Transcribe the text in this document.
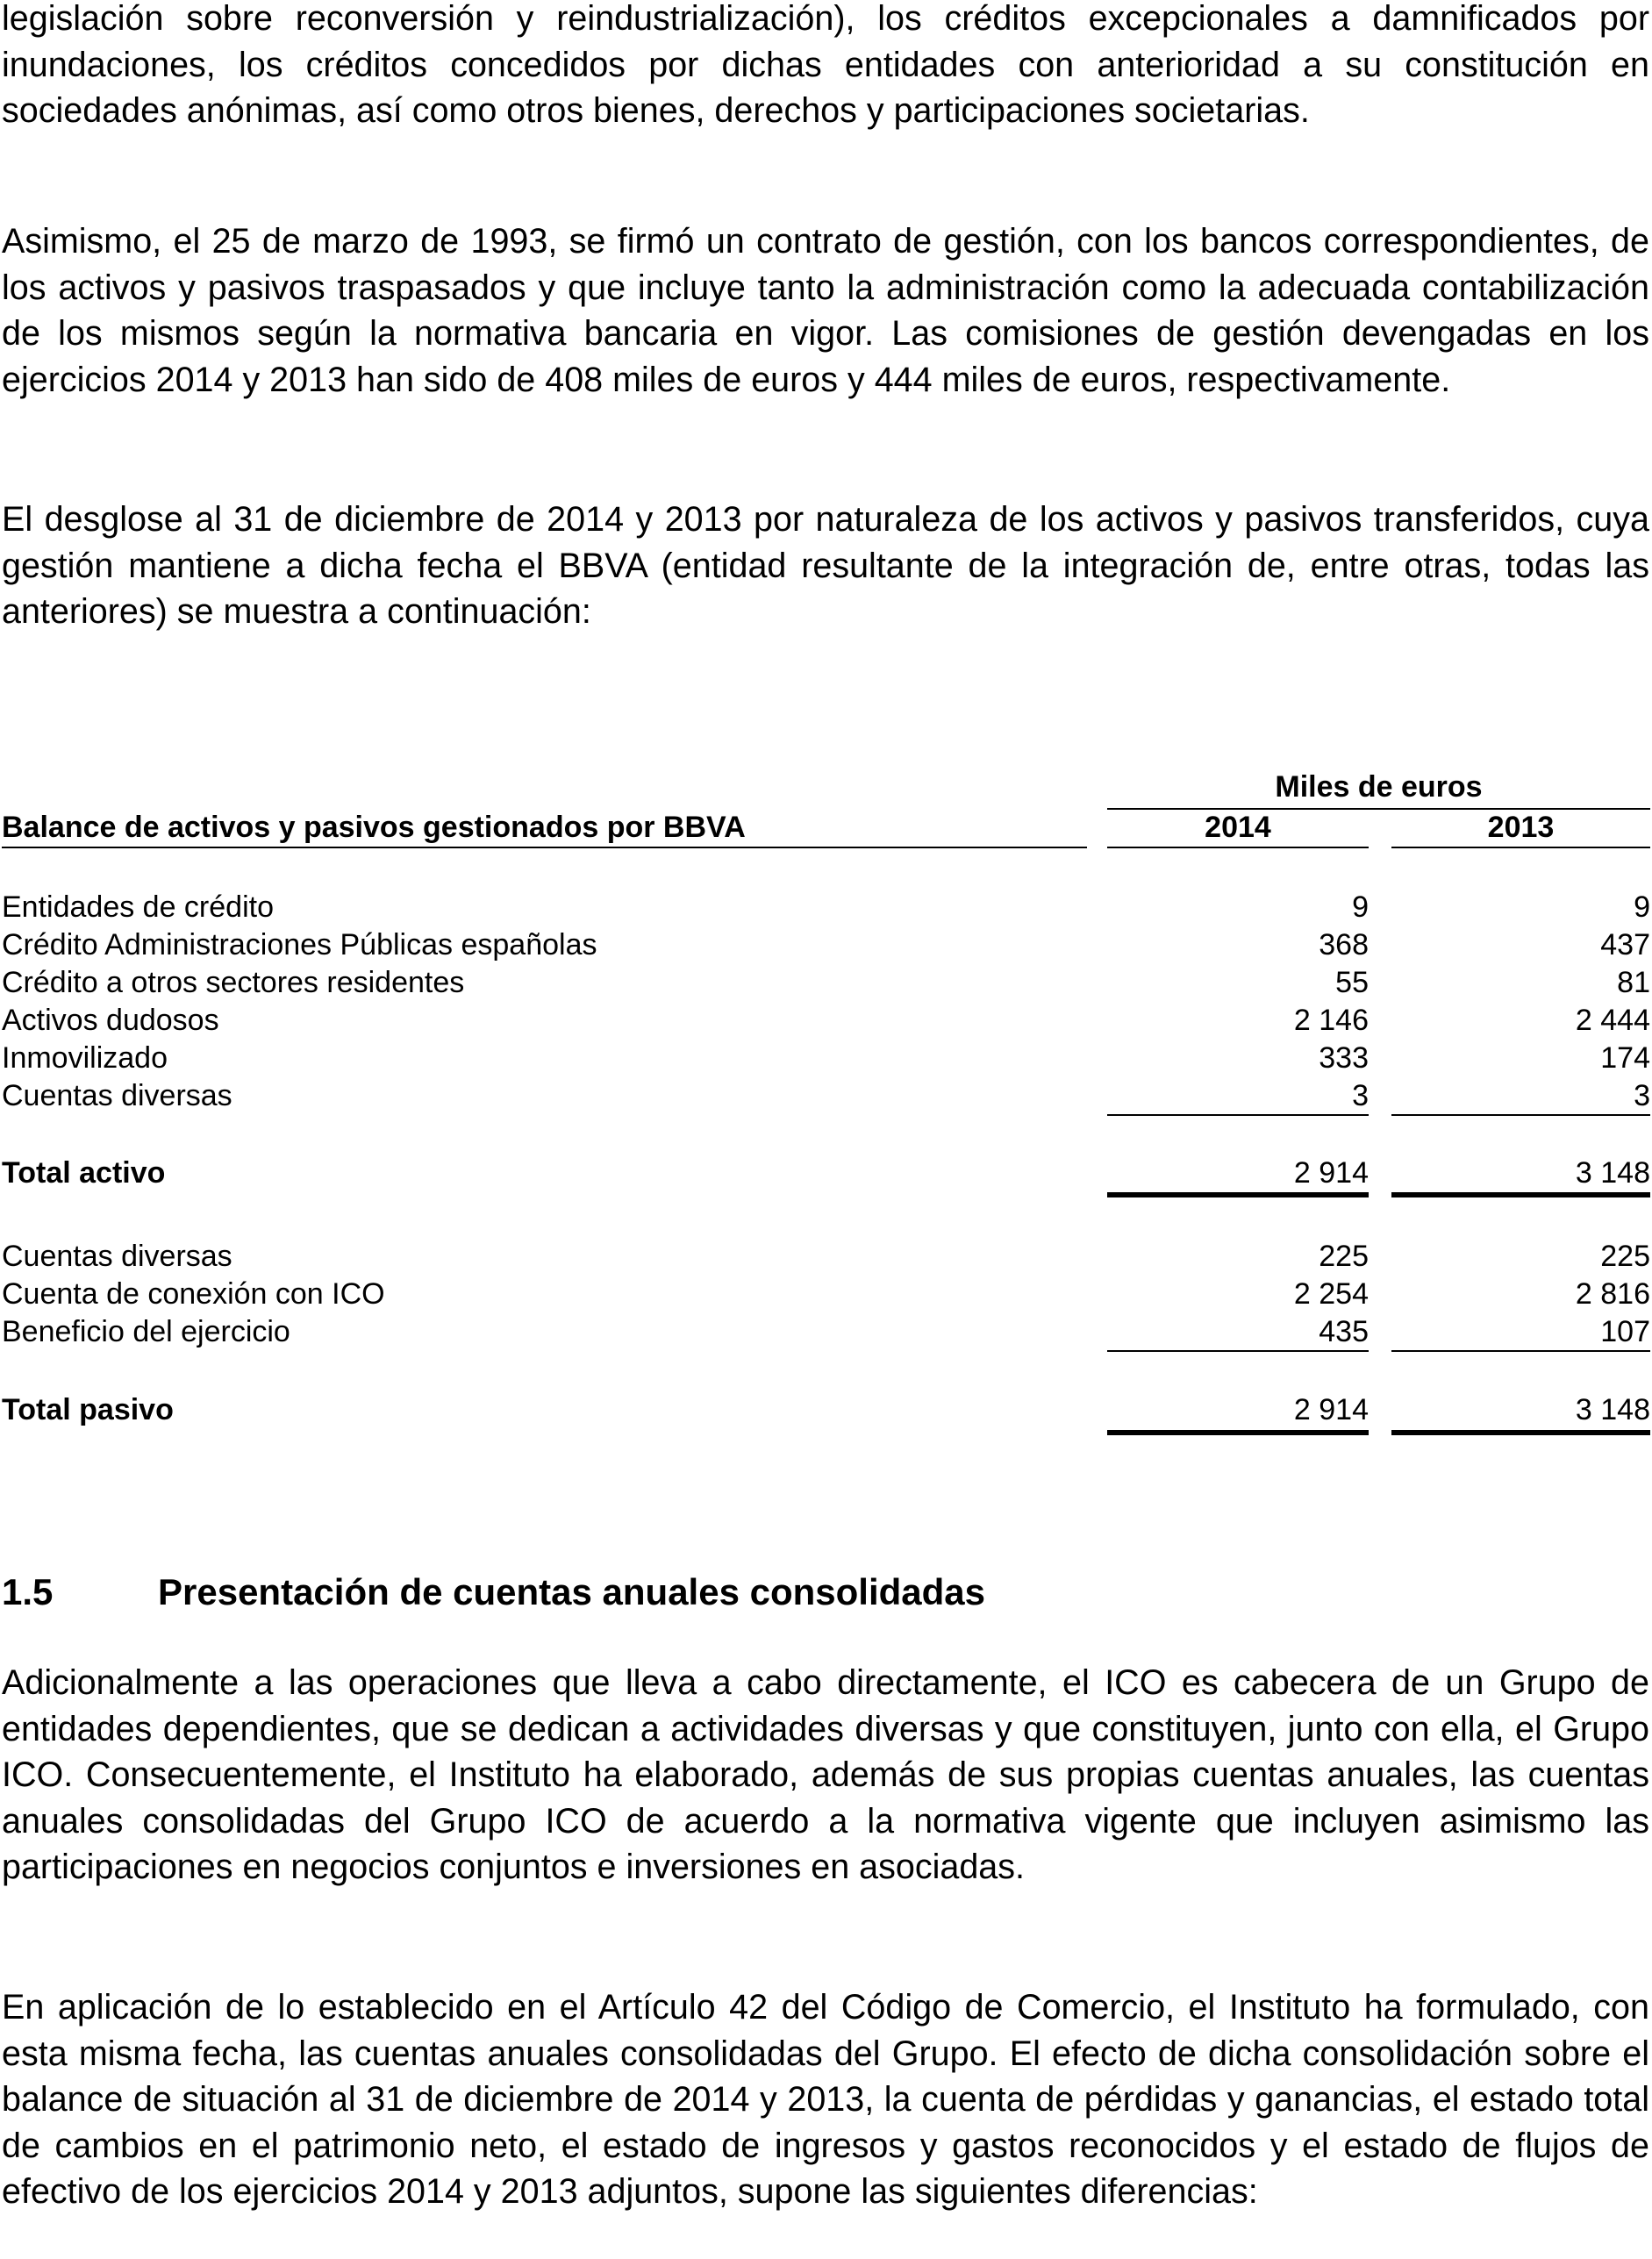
legislación sobre reconversión y reindustrialización), los créditos excepcionales a damnificados por inundaciones, los créditos concedidos por dichas entidades con anterioridad a su constitución en sociedades anónimas, así como otros bienes, derechos y participaciones societarias.

Asimismo, el 25 de marzo de 1993, se firmó un contrato de gestión, con los bancos correspondientes, de los activos y pasivos traspasados y que incluye tanto la administración como la adecuada contabilización de los mismos según la normativa bancaria en vigor. Las comisiones de gestión devengadas en los ejercicios 2014 y 2013 han sido de 408 miles de euros y 444 miles de euros, respectivamente.

El desglose al 31 de diciembre de 2014 y 2013 por naturaleza de los activos y pasivos transferidos, cuya gestión mantiene a dicha fecha el BBVA (entidad resultante de la integración de, entre otras, todas las anteriores) se muestra a continuación:

Miles de euros
Balance de activos y pasivos gestionados por BBVA	2014	2013
Entidades de crédito	9	9
Crédito Administraciones Públicas españolas	368	437
Crédito a otros sectores residentes	55	81
Activos dudosos	2 146	2 444
Inmovilizado	333	174
Cuentas diversas	3	3
Total activo	2 914	3 148
Cuentas diversas	225	225
Cuenta de conexión con ICO	2 254	2 816
Beneficio del ejercicio	435	107
Total pasivo	2 914	3 148
1.5	Presentación de cuentas anuales consolidadas

Adicionalmente a las operaciones que lleva a cabo directamente, el ICO es cabecera de un Grupo de entidades dependientes, que se dedican a actividades diversas y que constituyen, junto con ella, el Grupo ICO. Consecuentemente, el Instituto ha elaborado, además de sus propias cuentas anuales, las cuentas anuales consolidadas del Grupo ICO de acuerdo a la normativa vigente que incluyen asimismo las participaciones en negocios conjuntos e inversiones en asociadas.

En aplicación de lo establecido en el Artículo 42 del Código de Comercio, el Instituto ha formulado, con esta misma fecha, las cuentas anuales consolidadas del Grupo. El efecto de dicha consolidación sobre el balance de situación al 31 de diciembre de 2014 y 2013, la cuenta de pérdidas y ganancias, el estado total de cambios en el patrimonio neto, el estado de ingresos y gastos reconocidos y el estado de flujos de efectivo de los ejercicios 2014 y 2013 adjuntos, supone las siguientes diferencias:
